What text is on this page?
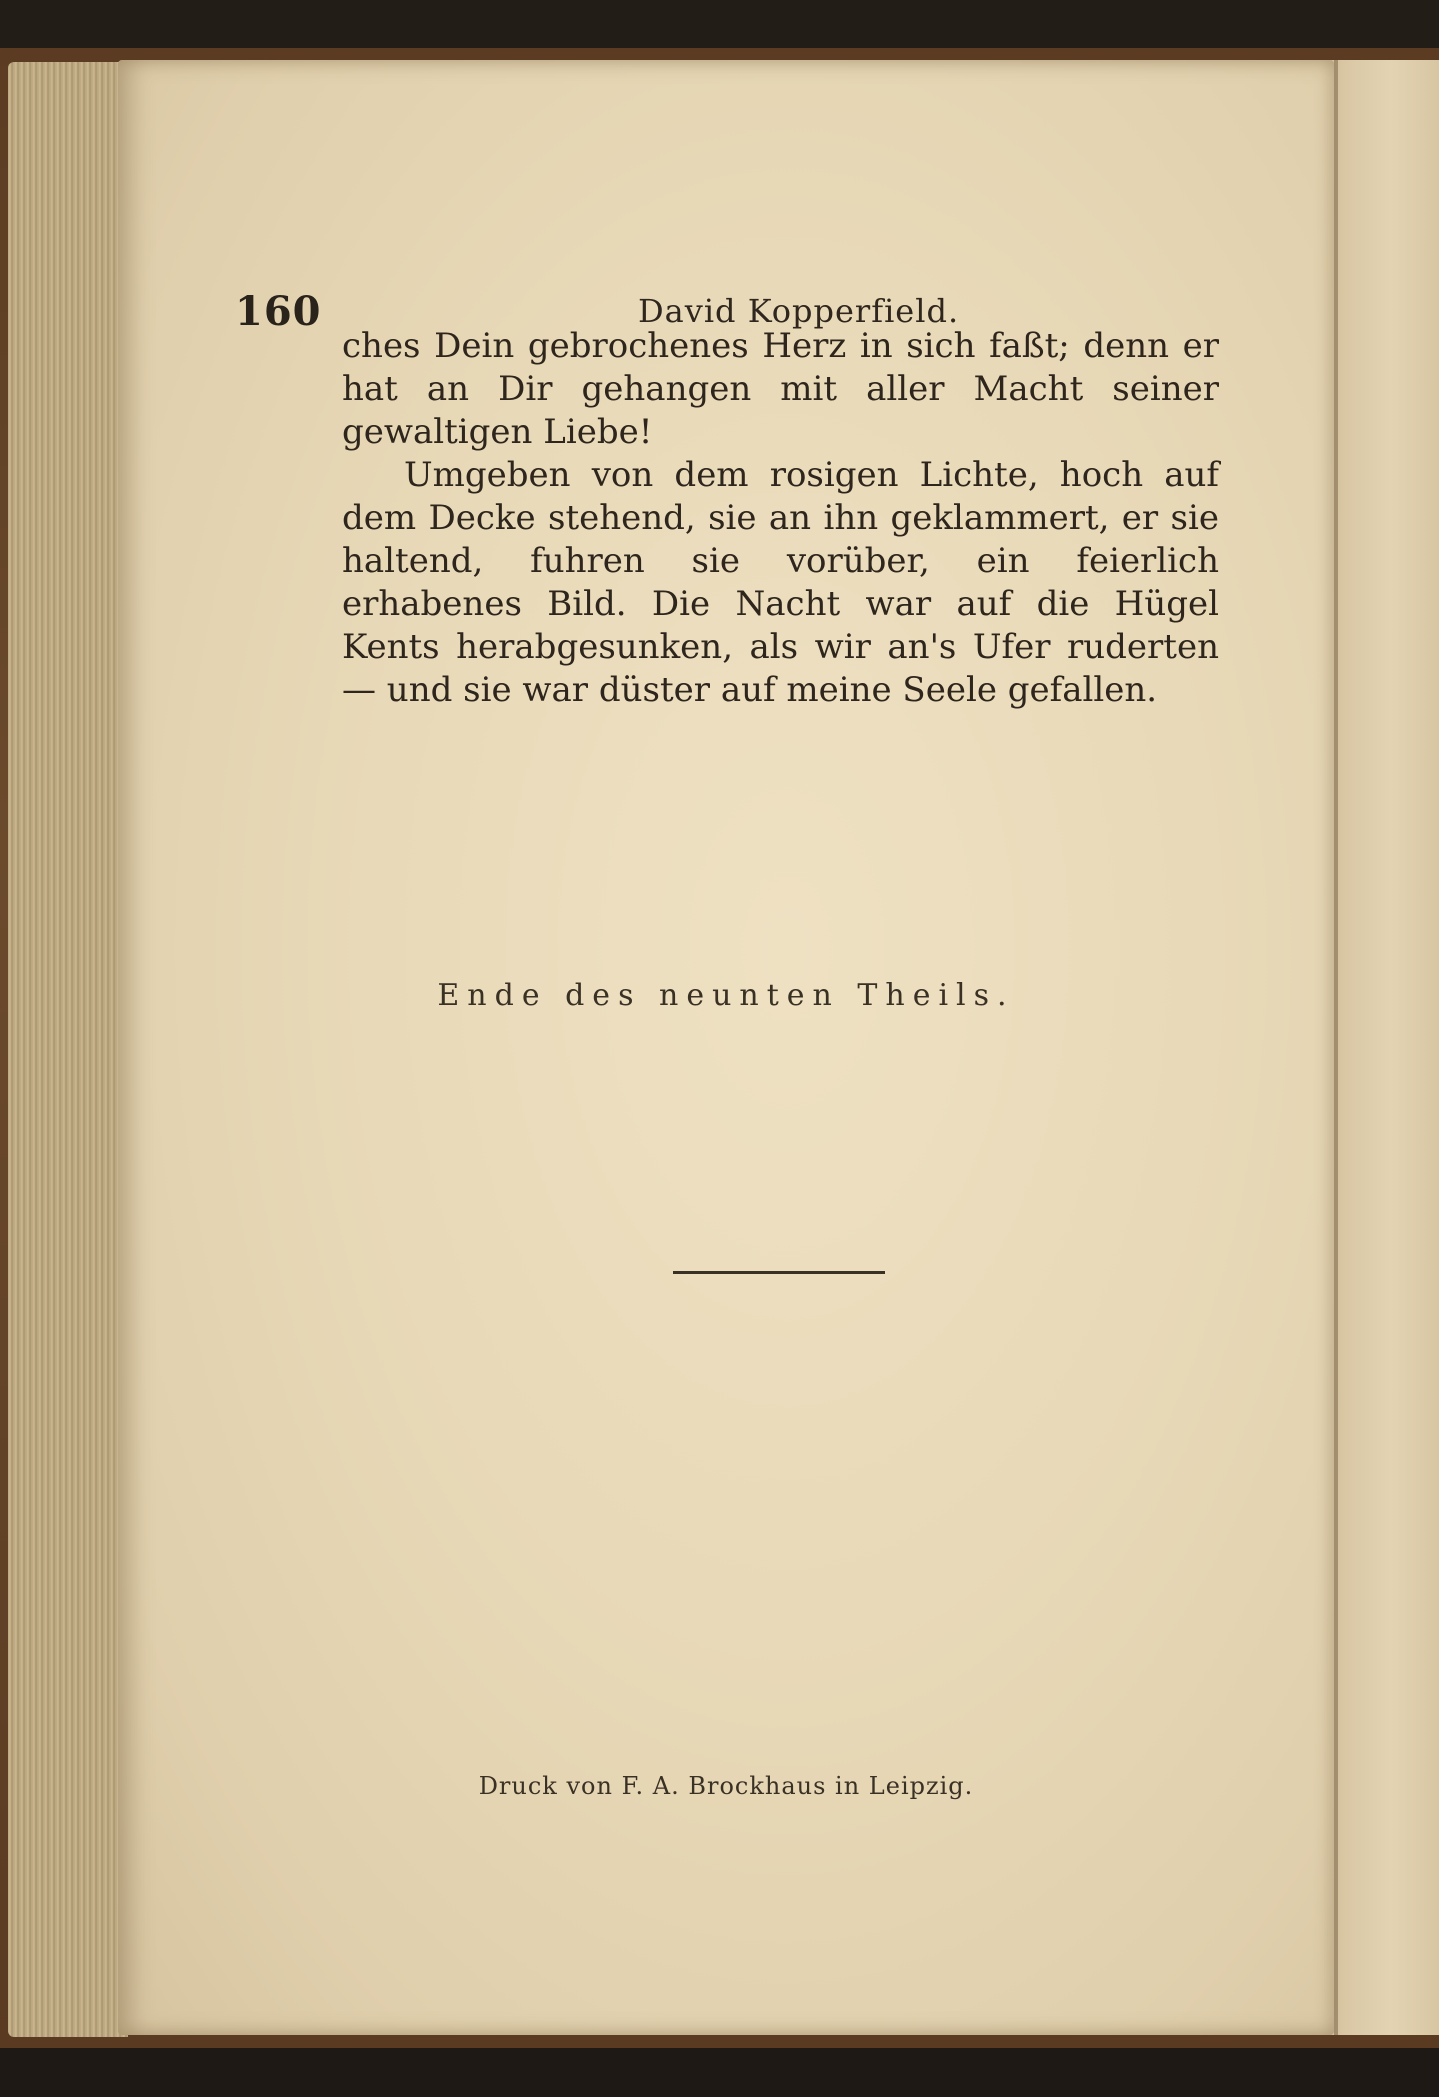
160	David Kopperfield.

ches Dein gebrochenes Herz in sich faßt; denn er hat an Dir gehangen mit aller Macht seiner gewaltigen Liebe!

Umgeben von dem rosigen Lichte, hoch auf dem Decke stehend, sie an ihn geklammert, er sie haltend, fuhren sie vorüber, ein feierlich erhabenes Bild. Die Nacht war auf die Hügel Kents herabgesunken, als wir an's Ufer ruderten — und sie war düster auf meine Seele gefallen.

Ende des neunten Theils.
Druck von F. A. Brockhaus in Leipzig.
